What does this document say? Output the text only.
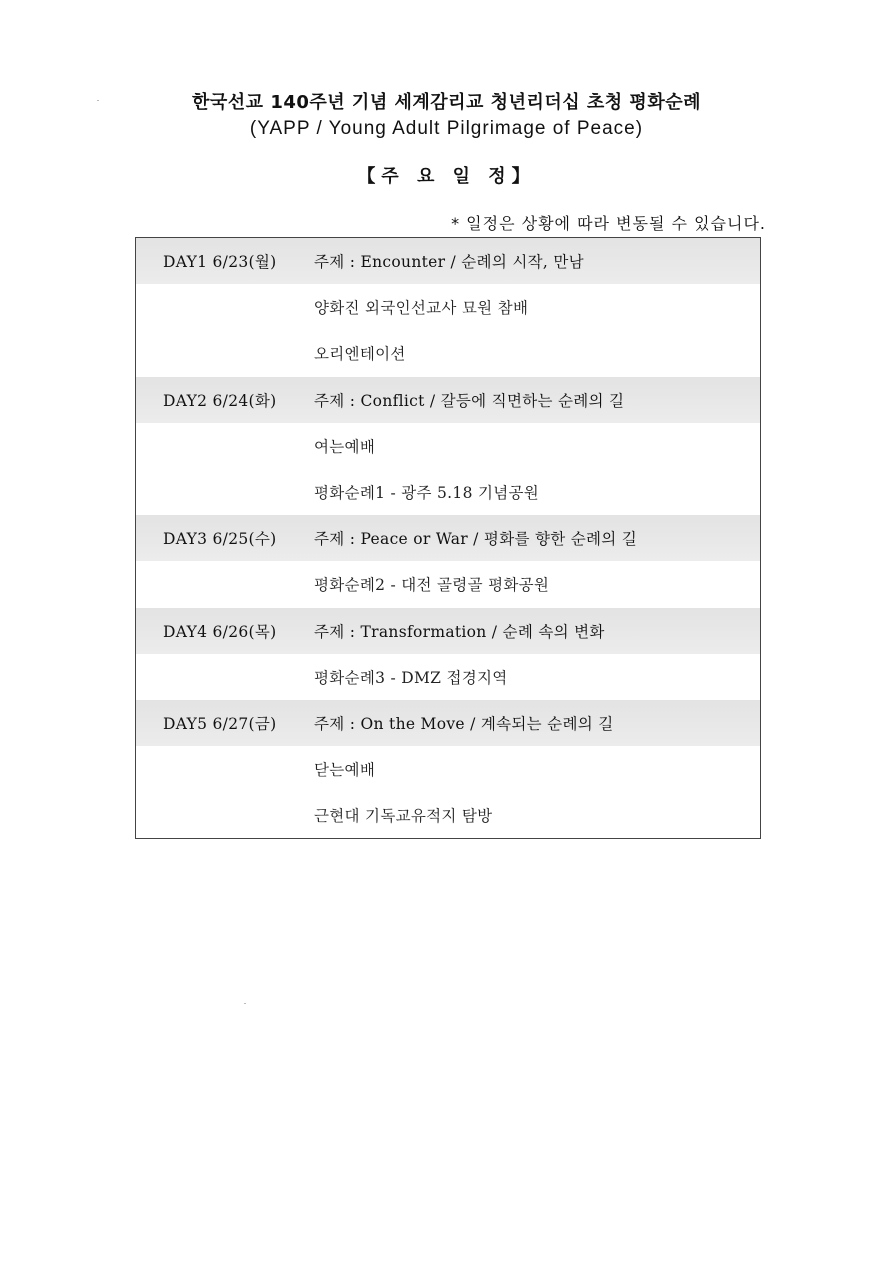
한국선교 140주년 기념 세계감리교 청년리더십 초청 평화순례
(YAPP / Young Adult Pilgrimage of Peace)
【주 요 일 정】
* 일정은 상황에 따라 변동될 수 있습니다.
DAY1 6/23(월) 주제 : Encounter / 순례의 시작, 만남
양화진 외국인선교사 묘원 참배
오리엔테이션
DAY2 6/24(화) 주제 : Conflict / 갈등에 직면하는 순례의 길
여는예배
평화순례1 - 광주 5.18 기념공원
DAY3 6/25(수) 주제 : Peace or War / 평화를 향한 순례의 길
평화순례2 - 대전 골령골 평화공원
DAY4 6/26(목) 주제 : Transformation / 순례 속의 변화
평화순례3 - DMZ 접경지역
DAY5 6/27(금) 주제 : On the Move / 계속되는 순례의 길
닫는예배
근현대 기독교유적지 탐방
